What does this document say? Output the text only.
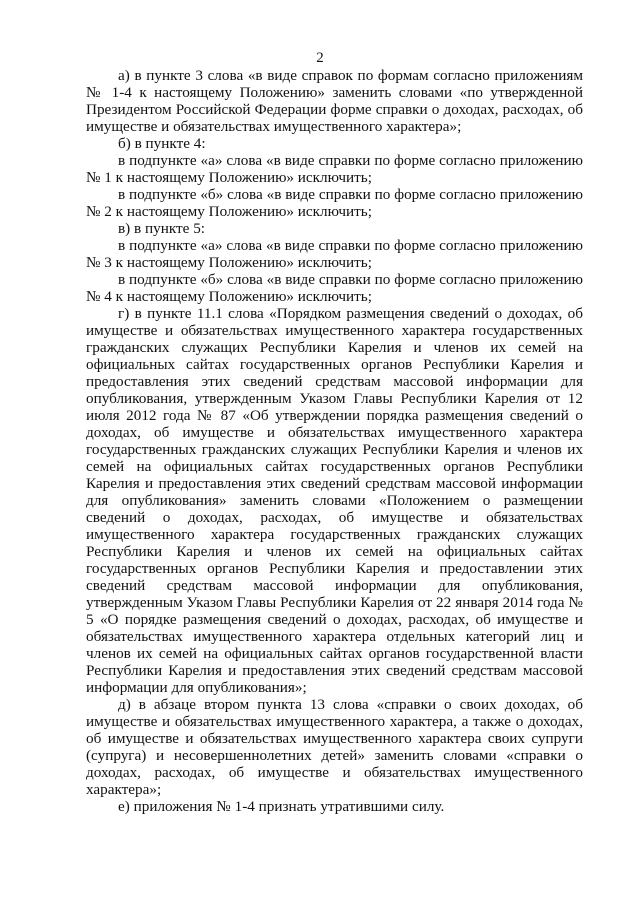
2

а) в пункте 3 слова «в виде справок по формам согласно приложениям № 1-4 к настоящему Положению» заменить словами «по утвержденной Президентом Российской Федерации форме справки о доходах, расходах, об имуществе и обязательствах имущественного характера»;

б) в пункте 4:

в подпункте «а» слова «в виде справки по форме согласно приложению № 1 к настоящему Положению» исключить;

в подпункте «б» слова «в виде справки по форме согласно приложению № 2 к настоящему Положению» исключить;

в) в пункте 5:

в подпункте «а» слова «в виде справки по форме согласно приложению № 3 к настоящему Положению» исключить;

в подпункте «б» слова «в виде справки по форме согласно приложению № 4 к настоящему Положению» исключить;

г) в пункте 11.1 слова «Порядком размещения сведений о доходах, об имуществе и обязательствах имущественного характера государственных гражданских служащих Республики Карелия и членов их семей на официальных сайтах государственных органов Республики Карелия и предоставления этих сведений средствам массовой информации для опубликования, утвержденным Указом Главы Республики Карелия от 12 июля 2012 года № 87 «Об утверждении порядка размещения сведений о доходах, об имуществе и обязательствах имущественного характера государственных гражданских служащих Республики Карелия и членов их семей на официальных сайтах государственных органов Республики Карелия и предоставления этих сведений средствам массовой информации для опубликования» заменить словами «Положением о размещении сведений о доходах, расходах, об имуществе и обязательствах имущественного характера государственных гражданских служащих Республики Карелия и членов их семей на официальных сайтах государственных органов Республики Карелия и предоставлении этих сведений средствам массовой информации для опубликования, утвержденным Указом Главы Республики Карелия от 22 января 2014 года № 5 «О порядке размещения сведений о доходах, расходах, об имуществе и обязательствах имущественного характера отдельных категорий лиц и членов их семей на официальных сайтах органов государственной власти Республики Карелия и предоставления этих сведений средствам массовой информации для опубликования»;

д) в абзаце втором пункта 13 слова «справки о своих доходах, об имуществе и обязательствах имущественного характера, а также о доходах, об имуществе и обязательствах имущественного характера своих супруги (супруга) и несовершеннолетних детей» заменить словами «справки о доходах, расходах, об имуществе и обязательствах имущественного характера»;

е) приложения № 1-4 признать утратившими силу.
